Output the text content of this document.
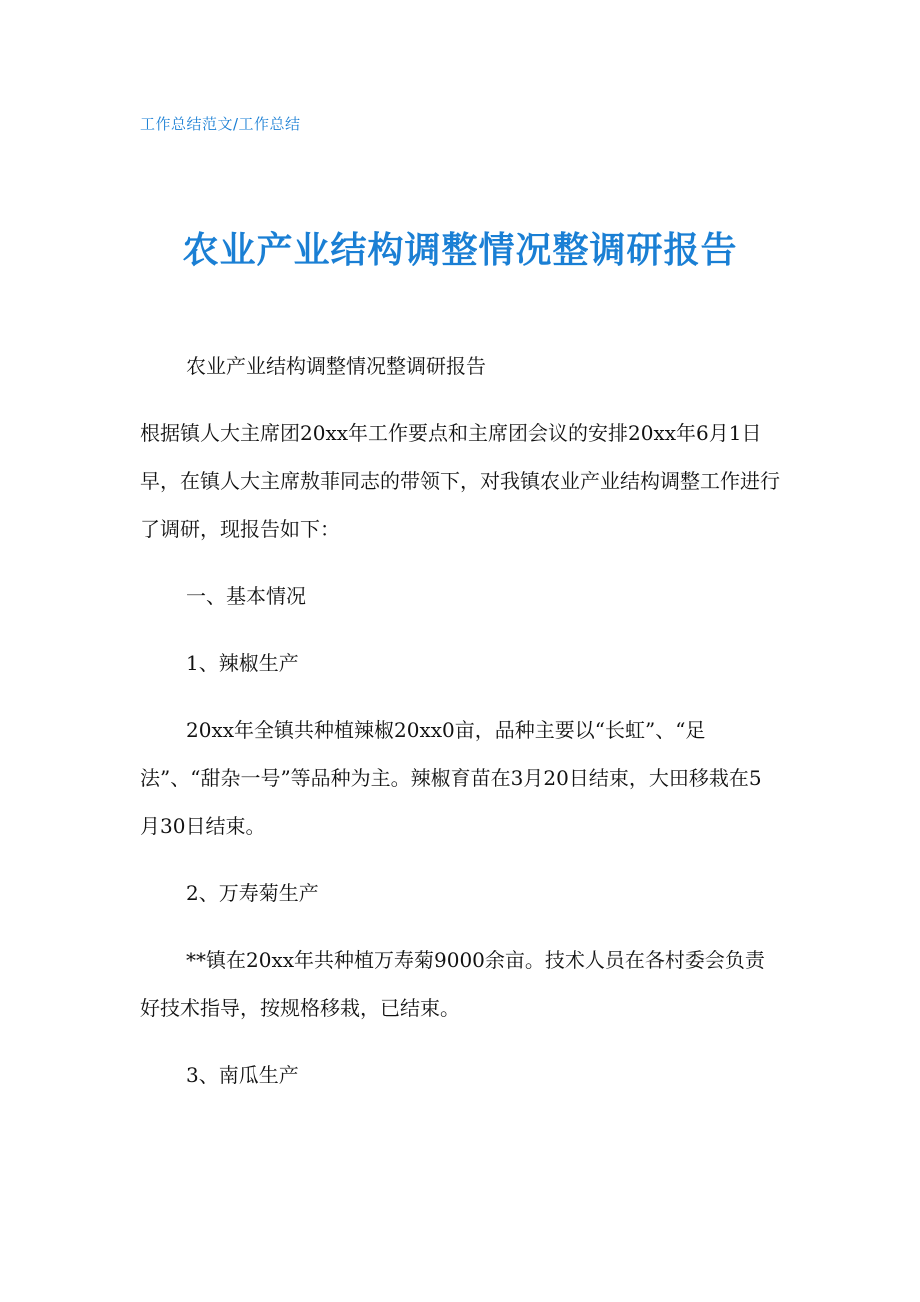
工作总结范文/工作总结
农业产业结构调整情况整调研报告

农业产业结构调整情况整调研报告

根据镇人大主席团20xx年工作要点和主席团会议的安排20xx年6月1日早，在镇人大主席敖菲同志的带领下，对我镇农业产业结构调整工作进行了调研，现报告如下：

一、基本情况

1、辣椒生产

20xx年全镇共种植辣椒20xx0亩，品种主要以“长虹”、“足法”、“甜杂一号”等品种为主。辣椒育苗在3月20日结束，大田移栽在5月30日结束。

2、万寿菊生产

**镇在20xx年共种植万寿菊9000余亩。技术人员在各村委会负责好技术指导，按规格移栽，已结束。

3、南瓜生产
